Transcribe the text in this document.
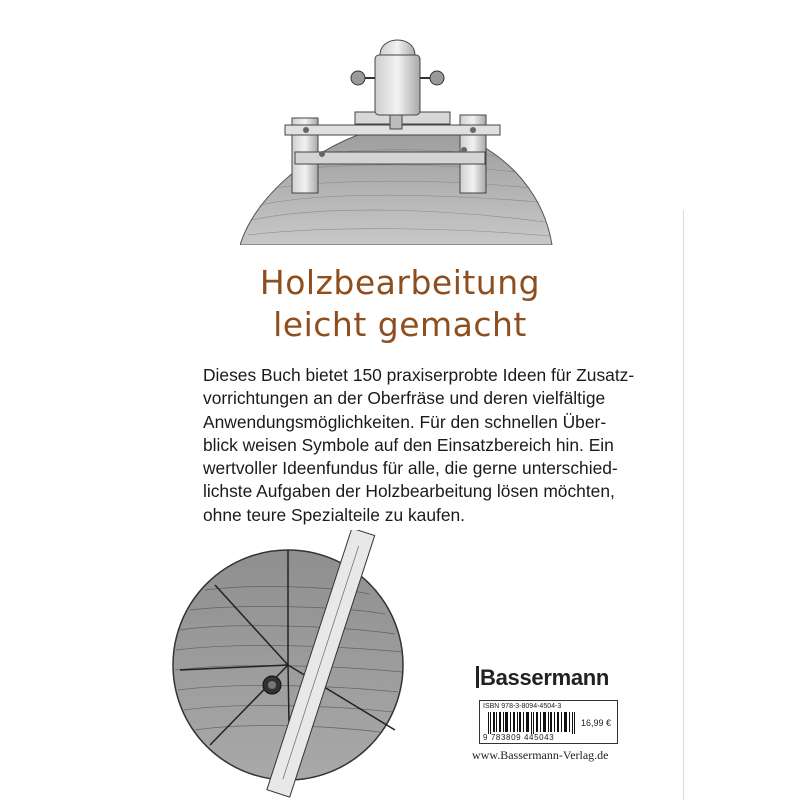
Holzbearbeitung
leicht gemacht
Dieses Buch bietet 150 praxiserprobte Ideen für Zusatz-
vorrichtungen an der Oberfräse und deren vielfältige
Anwendungsmöglichkeiten. Für den schnellen Über-
blick weisen Symbole auf den Einsatzbereich hin. Ein
wertvoller Ideenfundus für alle, die gerne unterschied-
lichste Aufgaben der Holzbearbeitung lösen möchten,
ohne teure Spezialteile zu kaufen.
Bassermann
ISBN 978-3-8094-4504-3
16,99 €
9 783809 445043
www.Bassermann-Verlag.de
